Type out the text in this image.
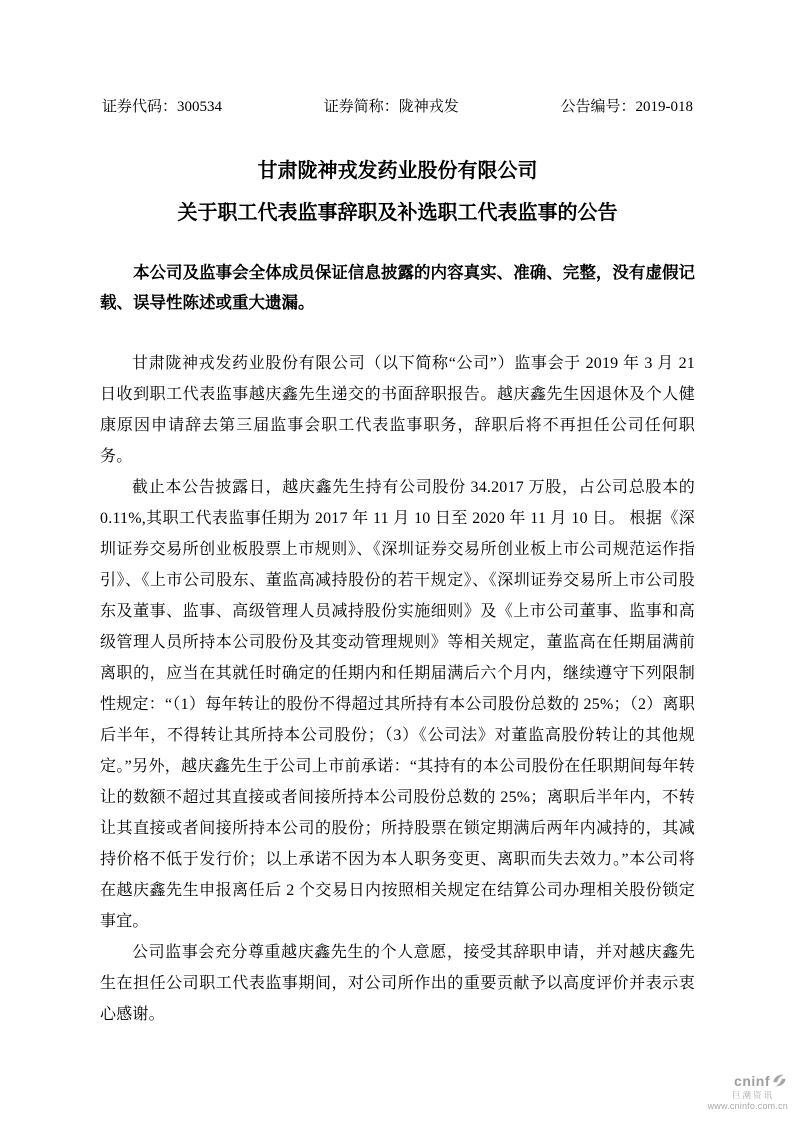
证券代码：300534	证券简称：陇神戎发	公告编号：2019-018
甘肃陇神戎发药业股份有限公司
关于职工代表监事辞职及补选职工代表监事的公告
本公司及监事会全体成员保证信息披露的内容真实、准确、完整，没有虚假记载、误导性陈述或重大遗漏。

甘肃陇神戎发药业股份有限公司（以下简称“公司”）监事会于 2019 年 3 月 21 日收到职工代表监事越庆鑫先生递交的书面辞职报告。越庆鑫先生因退休及个人健康原因申请辞去第三届监事会职工代表监事职务，辞职后将不再担任公司任何职务。

截止本公告披露日，越庆鑫先生持有公司股份 34.2017 万股，占公司总股本的 0.11%,其职工代表监事任期为 2017 年 11 月 10 日至 2020 年 11 月 10 日。 根据《深圳证券交易所创业板股票上市规则》、《深圳证券交易所创业板上市公司规范运作指引》、《上市公司股东、董监高减持股份的若干规定》、《深圳证券交易所上市公司股东及董事、监事、高级管理人员减持股份实施细则》及《上市公司董事、监事和高级管理人员所持本公司股份及其变动管理规则》等相关规定，董监高在任期届满前离职的，应当在其就任时确定的任期内和任期届满后六个月内，继续遵守下列限制性规定：“（1）每年转让的股份不得超过其所持有本公司股份总数的 25%；（2）离职后半年，不得转让其所持本公司股份；（3）《公司法》对董监高股份转让的其他规定。”另外，越庆鑫先生于公司上市前承诺：“其持有的本公司股份在任职期间每年转让的数额不超过其直接或者间接所持本公司股份总数的 25%；离职后半年内，不转让其直接或者间接所持本公司的股份；所持股票在锁定期满后两年内减持的，其减持价格不低于发行价；以上承诺不因为本人职务变更、离职而失去效力。”本公司将在越庆鑫先生申报离任后 2 个交易日内按照相关规定在结算公司办理相关股份锁定事宜。

公司监事会充分尊重越庆鑫先生的个人意愿，接受其辞职申请，并对越庆鑫先生在担任公司职工代表监事期间，对公司所作出的重要贡献予以高度评价并表示衷心感谢。

cninf
巨潮资讯
www.cninfo.com.cn
